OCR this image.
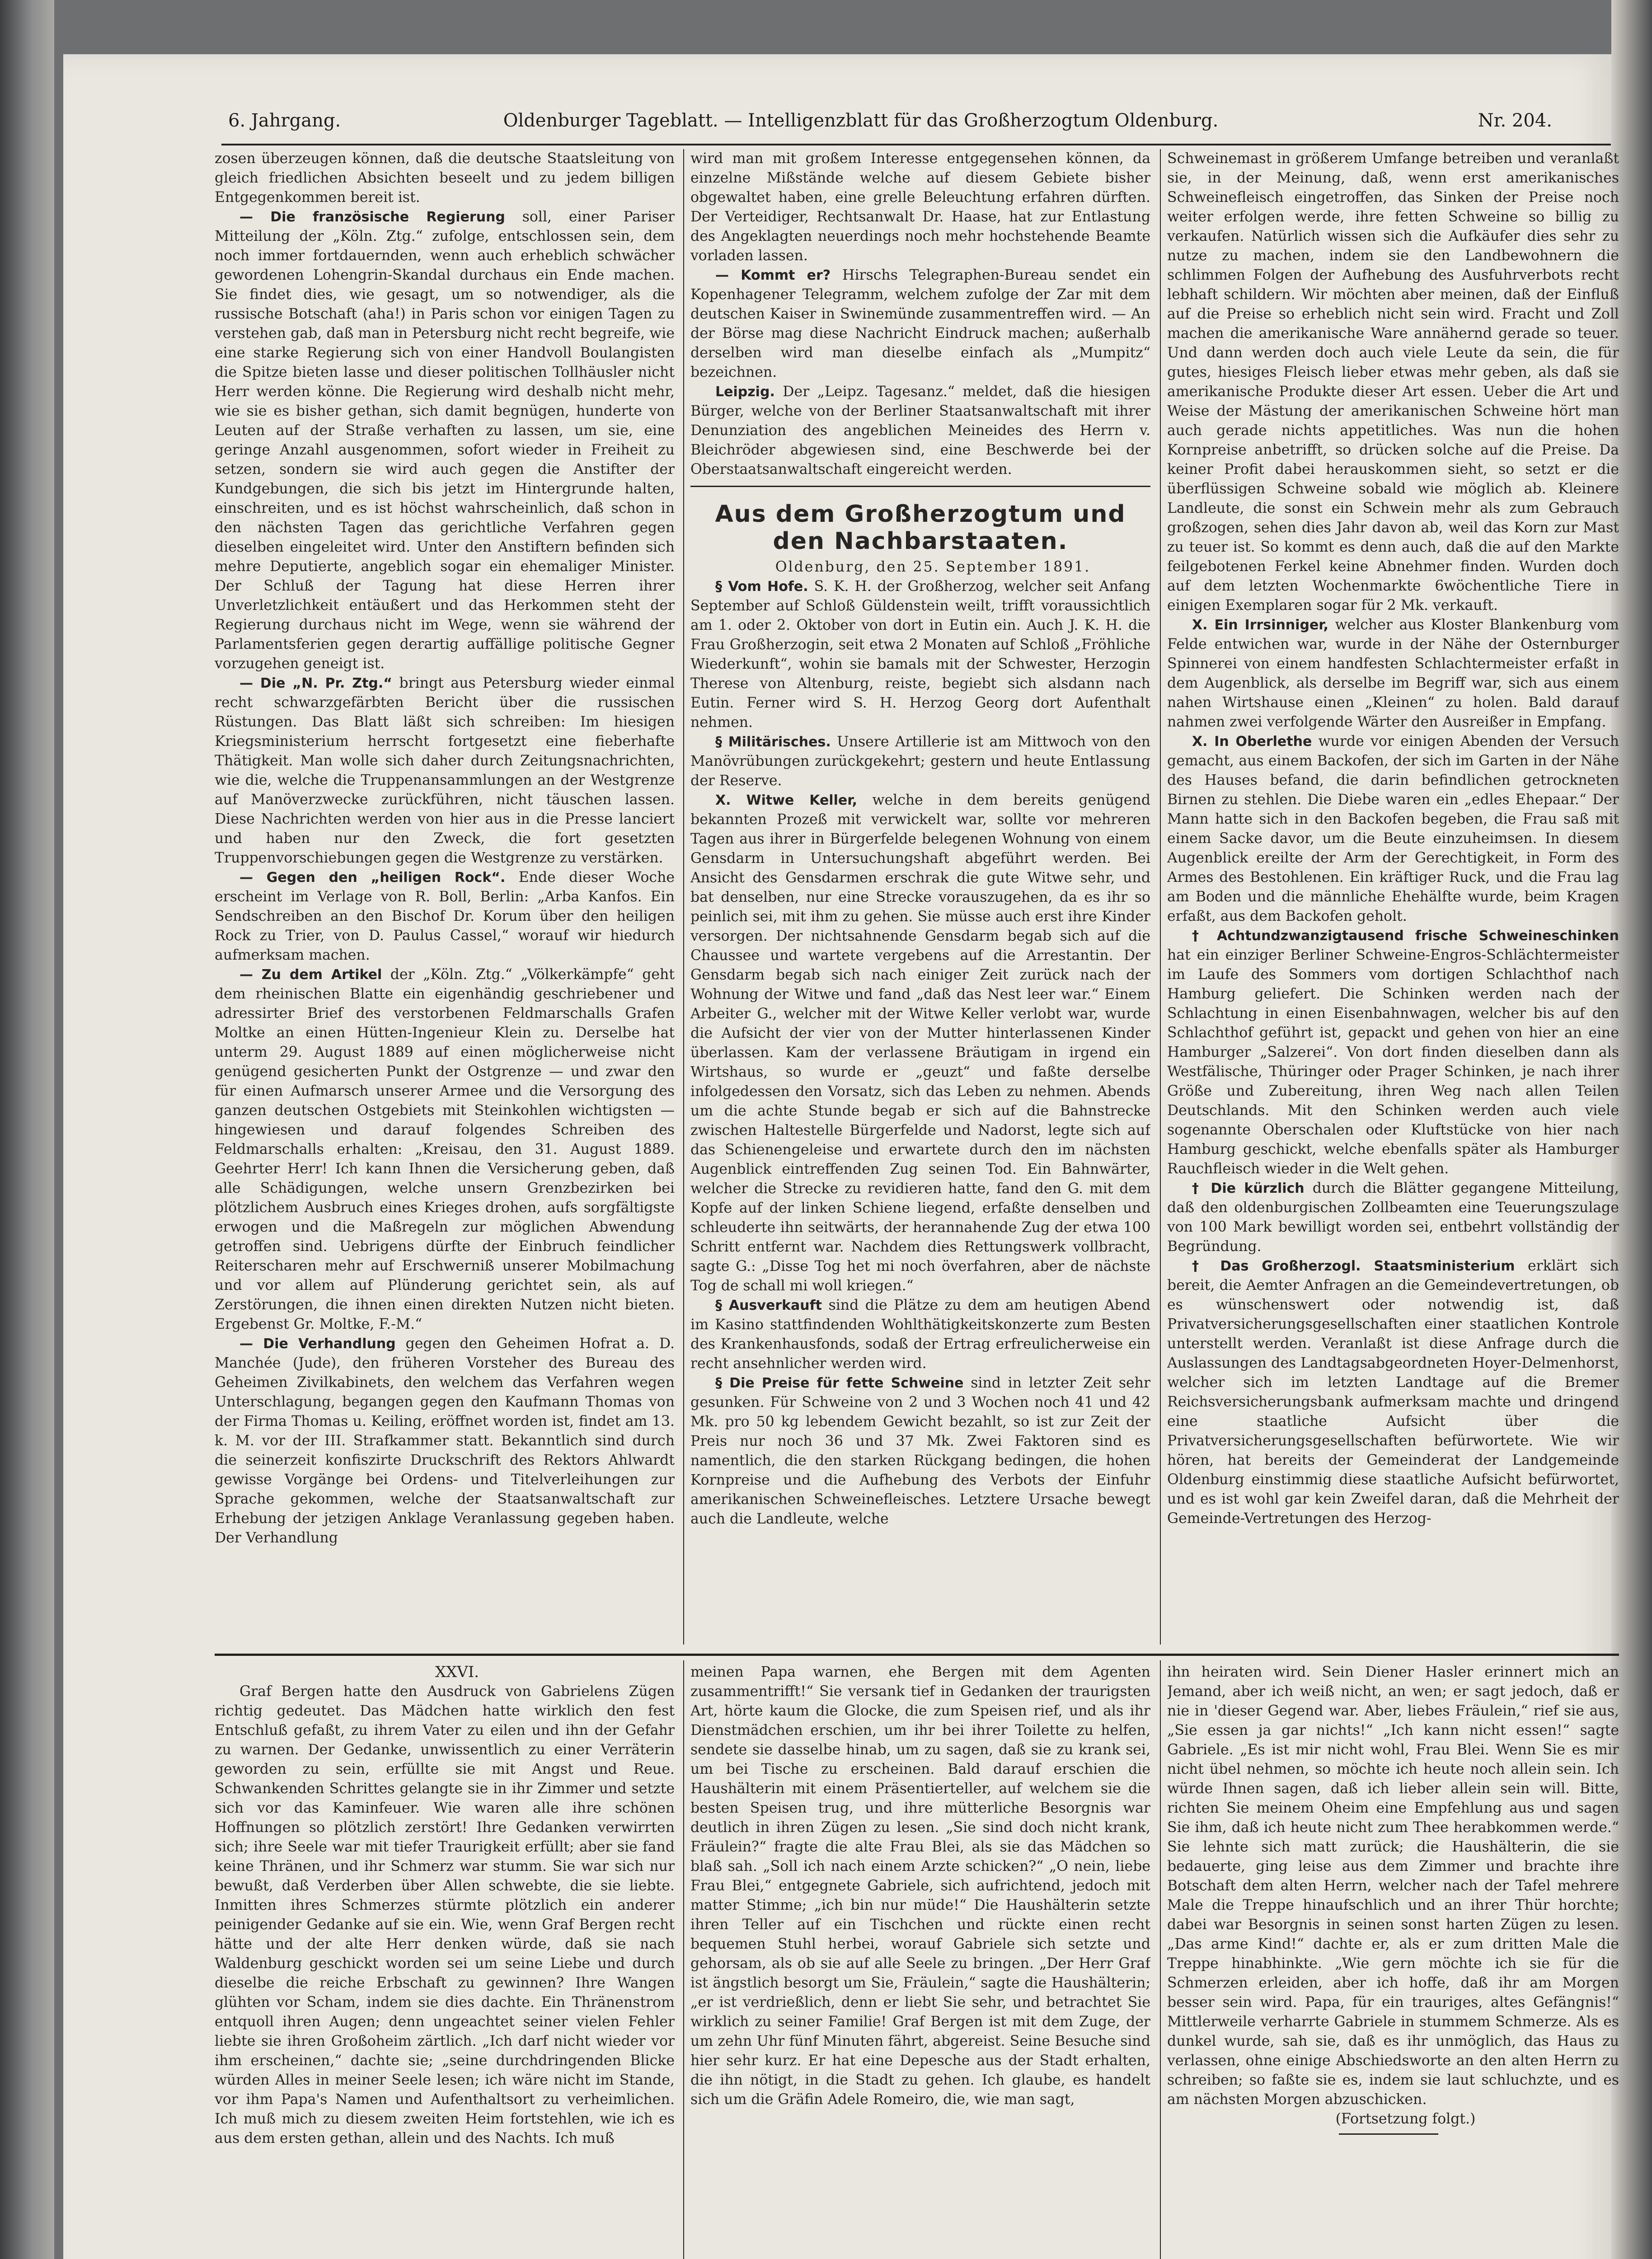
6. Jahrgang.	Oldenburger Tageblatt. — Intelligenzblatt für das Großherzogtum Oldenburg.	Nr. 204.

zosen überzeugen können, daß die deutsche Staatsleitung von gleich friedlichen Absichten beseelt und zu jedem billigen Entgegenkommen bereit ist.

— Die französische Regierung soll, einer Pariser Mitteilung der „Köln. Ztg.“ zufolge, entschlossen sein, dem noch immer fortdauernden, wenn auch erheblich schwächer gewordenen Lohengrin-Skandal durchaus ein Ende machen. Sie findet dies, wie gesagt, um so notwendiger, als die russische Botschaft (aha!) in Paris schon vor einigen Tagen zu verstehen gab, daß man in Petersburg nicht recht begreife, wie eine starke Regierung sich von einer Handvoll Boulangisten die Spitze bieten lasse und dieser politischen Tollhäusler nicht Herr werden könne. Die Regierung wird deshalb nicht mehr, wie sie es bisher gethan, sich damit begnügen, hunderte von Leuten auf der Straße verhaften zu lassen, um sie, eine geringe Anzahl ausgenommen, sofort wieder in Freiheit zu setzen, sondern sie wird auch gegen die Anstifter der Kundgebungen, die sich bis jetzt im Hintergrunde halten, einschreiten, und es ist höchst wahrscheinlich, daß schon in den nächsten Tagen das gerichtliche Verfahren gegen dieselben eingeleitet wird. Unter den Anstiftern befinden sich mehre Deputierte, angeblich sogar ein ehemaliger Minister. Der Schluß der Tagung hat diese Herren ihrer Unverletzlichkeit entäußert und das Herkommen steht der Regierung durchaus nicht im Wege, wenn sie während der Parlamentsferien gegen derartig auffällige politische Gegner vorzugehen geneigt ist.

— Die „N. Pr. Ztg.“ bringt aus Petersburg wieder einmal recht schwarzgefärbten Bericht über die russischen Rüstungen. Das Blatt läßt sich schreiben: Im hiesigen Kriegsministerium herrscht fortgesetzt eine fieberhafte Thätigkeit. Man wolle sich daher durch Zeitungsnachrichten, wie die, welche die Truppenansammlungen an der Westgrenze auf Manöverzwecke zurückführen, nicht täuschen lassen. Diese Nachrichten werden von hier aus in die Presse lanciert und haben nur den Zweck, die fort gesetzten Truppenvorschiebungen gegen die Westgrenze zu verstärken.

— Gegen den „heiligen Rock“. Ende dieser Woche erscheint im Verlage von R. Boll, Berlin: „Arba Kanfos. Ein Sendschreiben an den Bischof Dr. Korum über den heiligen Rock zu Trier, von D. Paulus Cassel,“ worauf wir hiedurch aufmerksam machen.

— Zu dem Artikel der „Köln. Ztg.“ „Völkerkämpfe“ geht dem rheinischen Blatte ein eigenhändig geschriebener und adressirter Brief des verstorbenen Feldmarschalls Grafen Moltke an einen Hütten-Ingenieur Klein zu. Derselbe hat unterm 29. August 1889 auf einen möglicherweise nicht genügend gesicherten Punkt der Ostgrenze — und zwar den für einen Aufmarsch unserer Armee und die Versorgung des ganzen deutschen Ostgebiets mit Steinkohlen wichtigsten — hingewiesen und darauf folgendes Schreiben des Feldmarschalls erhalten: „Kreisau, den 31. August 1889. Geehrter Herr! Ich kann Ihnen die Versicherung geben, daß alle Schädigungen, welche unsern Grenzbezirken bei plötzlichem Ausbruch eines Krieges drohen, aufs sorgfältigste erwogen und die Maßregeln zur möglichen Abwendung getroffen sind. Uebrigens dürfte der Einbruch feindlicher Reiterscharen mehr auf Erschwerniß unserer Mobilmachung und vor allem auf Plünderung gerichtet sein, als auf Zerstörungen, die ihnen einen direkten Nutzen nicht bieten. Ergebenst Gr. Moltke, F.-M.“

— Die Verhandlung gegen den Geheimen Hofrat a. D. Manchée (Jude), den früheren Vorsteher des Bureau des Geheimen Zivilkabinets, den welchem das Verfahren wegen Unterschlagung, begangen gegen den Kaufmann Thomas von der Firma Thomas u. Keiling, eröffnet worden ist, findet am 13. k. M. vor der III. Strafkammer statt. Bekanntlich sind durch die seinerzeit konfiszirte Druckschrift des Rektors Ahlwardt gewisse Vorgänge bei Ordens- und Titelverleihungen zur Sprache gekommen, welche der Staatsanwaltschaft zur Erhebung der jetzigen Anklage Veranlassung gegeben haben. Der Verhandlung

wird man mit großem Interesse entgegensehen können, da einzelne Mißstände welche auf diesem Gebiete bisher obgewaltet haben, eine grelle Beleuchtung erfahren dürften. Der Verteidiger, Rechtsanwalt Dr. Haase, hat zur Entlastung des Angeklagten neuerdings noch mehr hochstehende Beamte vorladen lassen.

— Kommt er? Hirschs Telegraphen-Bureau sendet ein Kopenhagener Telegramm, welchem zufolge der Zar mit dem deutschen Kaiser in Swinemünde zusammentreffen wird. — An der Börse mag diese Nachricht Eindruck machen; außerhalb derselben wird man dieselbe einfach als „Mumpitz“ bezeichnen.

Leipzig. Der „Leipz. Tagesanz.“ meldet, daß die hiesigen Bürger, welche von der Berliner Staatsanwaltschaft mit ihrer Denunziation des angeblichen Meineides des Herrn v. Bleichröder abgewiesen sind, eine Beschwerde bei der Oberstaatsanwaltschaft eingereicht werden.

Aus dem Großherzogtum und den Nachbarstaaten.

Oldenburg, den 25. September 1891.

§ Vom Hofe. S. K. H. der Großherzog, welcher seit Anfang September auf Schloß Güldenstein weilt, trifft voraussichtlich am 1. oder 2. Oktober von dort in Eutin ein. Auch J. K. H. die Frau Großherzogin, seit etwa 2 Monaten auf Schloß „Fröhliche Wiederkunft“, wohin sie bamals mit der Schwester, Herzogin Therese von Altenburg, reiste, begiebt sich alsdann nach Eutin. Ferner wird S. H. Herzog Georg dort Aufenthalt nehmen.

§ Militärisches. Unsere Artillerie ist am Mittwoch von den Manövrübungen zurückgekehrt; gestern und heute Entlassung der Reserve.

X. Witwe Keller, welche in dem bereits genügend bekannten Prozeß mit verwickelt war, sollte vor mehreren Tagen aus ihrer in Bürgerfelde belegenen Wohnung von einem Gensdarm in Untersuchungshaft abgeführt werden. Bei Ansicht des Gensdarmen erschrak die gute Witwe sehr, und bat denselben, nur eine Strecke vorauszugehen, da es ihr so peinlich sei, mit ihm zu gehen. Sie müsse auch erst ihre Kinder versorgen. Der nichtsahnende Gensdarm begab sich auf die Chaussee und wartete vergebens auf die Arrestantin. Der Gensdarm begab sich nach einiger Zeit zurück nach der Wohnung der Witwe und fand „daß das Nest leer war.“ Einem Arbeiter G., welcher mit der Witwe Keller verlobt war, wurde die Aufsicht der vier von der Mutter hinterlassenen Kinder überlassen. Kam der verlassene Bräutigam in irgend ein Wirtshaus, so wurde er „geuzt“ und faßte derselbe infolgedessen den Vorsatz, sich das Leben zu nehmen. Abends um die achte Stunde begab er sich auf die Bahnstrecke zwischen Haltestelle Bürgerfelde und Nadorst, legte sich auf das Schienengeleise und erwartete durch den im nächsten Augenblick eintreffenden Zug seinen Tod. Ein Bahnwärter, welcher die Strecke zu revidieren hatte, fand den G. mit dem Kopfe auf der linken Schiene liegend, erfaßte denselben und schleuderte ihn seitwärts, der herannahende Zug der etwa 100 Schritt entfernt war. Nachdem dies Rettungswerk vollbracht, sagte G.: „Disse Tog het mi noch överfahren, aber de nächste Tog de schall mi woll kriegen.“

§ Ausverkauft sind die Plätze zu dem am heutigen Abend im Kasino stattfindenden Wohlthätigkeitskonzerte zum Besten des Krankenhausfonds, sodaß der Ertrag erfreulicherweise ein recht ansehnlicher werden wird.

§ Die Preise für fette Schweine sind in letzter Zeit sehr gesunken. Für Schweine von 2 und 3 Wochen noch 41 und 42 Mk. pro 50 kg lebendem Gewicht bezahlt, so ist zur Zeit der Preis nur noch 36 und 37 Mk. Zwei Faktoren sind es namentlich, die den starken Rückgang bedingen, die hohen Kornpreise und die Aufhebung des Verbots der Einfuhr amerikanischen Schweinefleisches. Letztere Ursache bewegt auch die Landleute, welche

Schweinemast in größerem Umfange betreiben und veranlaßt sie, in der Meinung, daß, wenn erst amerikanisches Schweinefleisch eingetroffen, das Sinken der Preise noch weiter erfolgen werde, ihre fetten Schweine so billig zu verkaufen. Natürlich wissen sich die Aufkäufer dies sehr zu nutze zu machen, indem sie den Landbewohnern die schlimmen Folgen der Aufhebung des Ausfuhrverbots recht lebhaft schildern. Wir möchten aber meinen, daß der Einfluß auf die Preise so erheblich nicht sein wird. Fracht und Zoll machen die amerikanische Ware annähernd gerade so teuer. Und dann werden doch auch viele Leute da sein, die für gutes, hiesiges Fleisch lieber etwas mehr geben, als daß sie amerikanische Produkte dieser Art essen. Ueber die Art und Weise der Mästung der amerikanischen Schweine hört man auch gerade nichts appetitliches. Was nun die hohen Kornpreise anbetrifft, so drücken solche auf die Preise. Da keiner Profit dabei herauskommen sieht, so setzt er die überflüssigen Schweine sobald wie möglich ab. Kleinere Landleute, die sonst ein Schwein mehr als zum Gebrauch großzogen, sehen dies Jahr davon ab, weil das Korn zur Mast zu teuer ist. So kommt es denn auch, daß die auf den Markte feilgebotenen Ferkel keine Abnehmer finden. Wurden doch auf dem letzten Wochenmarkte 6wöchentliche Tiere in einigen Exemplaren sogar für 2 Mk. verkauft.

X. Ein Irrsinniger, welcher aus Kloster Blankenburg vom Felde entwichen war, wurde in der Nähe der Osternburger Spinnerei von einem handfesten Schlachtermeister erfaßt in dem Augenblick, als derselbe im Begriff war, sich aus einem nahen Wirtshause einen „Kleinen“ zu holen. Bald darauf nahmen zwei verfolgende Wärter den Ausreißer in Empfang.

X. In Oberlethe wurde vor einigen Abenden der Versuch gemacht, aus einem Backofen, der sich im Garten in der Nähe des Hauses befand, die darin befindlichen getrockneten Birnen zu stehlen. Die Diebe waren ein „edles Ehepaar.“ Der Mann hatte sich in den Backofen begeben, die Frau saß mit einem Sacke davor, um die Beute einzuheimsen. In diesem Augenblick ereilte der Arm der Gerechtigkeit, in Form des Armes des Bestohlenen. Ein kräftiger Ruck, und die Frau lag am Boden und die männliche Ehehälfte wurde, beim Kragen erfaßt, aus dem Backofen geholt.

† Achtundzwanzigtausend frische Schweineschinken hat ein einziger Berliner Schweine-Engros-Schlächtermeister im Laufe des Sommers vom dortigen Schlachthof nach Hamburg geliefert. Die Schinken werden nach der Schlachtung in einen Eisenbahnwagen, welcher bis auf den Schlachthof geführt ist, gepackt und gehen von hier an eine Hamburger „Salzerei“. Von dort finden dieselben dann als Westfälische, Thüringer oder Prager Schinken, je nach ihrer Größe und Zubereitung, ihren Weg nach allen Teilen Deutschlands. Mit den Schinken werden auch viele sogenannte Oberschalen oder Kluftstücke von hier nach Hamburg geschickt, welche ebenfalls später als Hamburger Rauchfleisch wieder in die Welt gehen.

† Die kürzlich durch die Blätter gegangene Mitteilung, daß den oldenburgischen Zollbeamten eine Teuerungszulage von 100 Mark bewilligt worden sei, entbehrt vollständig der Begründung.

† Das Großherzogl. Staatsministerium erklärt sich bereit, die Aemter Anfragen an die Gemeindevertretungen, ob es wünschenswert oder notwendig ist, daß Privatversicherungsgesellschaften einer staatlichen Kontrole unterstellt werden. Veranlaßt ist diese Anfrage durch die Auslassungen des Landtagsabgeordneten Hoyer-Delmenhorst, welcher sich im letzten Landtage auf die Bremer Reichsversicherungsbank aufmerksam machte und dringend eine staatliche Aufsicht über die Privatversicherungsgesellschaften befürwortete. Wie wir hören, hat bereits der Gemeinderat der Landgemeinde Oldenburg einstimmig diese staatliche Aufsicht befürwortet, und es ist wohl gar kein Zweifel daran, daß die Mehrheit der Gemeinde-Vertretungen des Herzog-

XXVI.

Graf Bergen hatte den Ausdruck von Gabrielens Zügen richtig gedeutet. Das Mädchen hatte wirklich den fest Entschluß gefaßt, zu ihrem Vater zu eilen und ihn der Gefahr zu warnen. Der Gedanke, unwissentlich zu einer Verräterin geworden zu sein, erfüllte sie mit Angst und Reue. Schwankenden Schrittes gelangte sie in ihr Zimmer und setzte sich vor das Kaminfeuer. Wie waren alle ihre schönen Hoffnungen so plötzlich zerstört! Ihre Gedanken verwirrten sich; ihre Seele war mit tiefer Traurigkeit erfüllt; aber sie fand keine Thränen, und ihr Schmerz war stumm. Sie war sich nur bewußt, daß Verderben über Allen schwebte, die sie liebte. Inmitten ihres Schmerzes stürmte plötzlich ein anderer peinigender Gedanke auf sie ein. Wie, wenn Graf Bergen recht hätte und der alte Herr denken würde, daß sie nach Waldenburg geschickt worden sei um seine Liebe und durch dieselbe die reiche Erbschaft zu gewinnen? Ihre Wangen glühten vor Scham, indem sie dies dachte. Ein Thränenstrom entquoll ihren Augen; denn ungeachtet seiner vielen Fehler liebte sie ihren Großoheim zärtlich. „Ich darf nicht wieder vor ihm erscheinen,“ dachte sie; „seine durchdringenden Blicke würden Alles in meiner Seele lesen; ich wäre nicht im Stande, vor ihm Papa's Namen und Aufenthaltsort zu verheimlichen. Ich muß mich zu diesem zweiten Heim fortstehlen, wie ich es aus dem ersten gethan, allein und des Nachts. Ich muß

meinen Papa warnen, ehe Bergen mit dem Agenten zusammentrifft!“ Sie versank tief in Gedanken der traurigsten Art, hörte kaum die Glocke, die zum Speisen rief, und als ihr Dienstmädchen erschien, um ihr bei ihrer Toilette zu helfen, sendete sie dasselbe hinab, um zu sagen, daß sie zu krank sei, um bei Tische zu erscheinen. Bald darauf erschien die Haushälterin mit einem Präsentierteller, auf welchem sie die besten Speisen trug, und ihre mütterliche Besorgnis war deutlich in ihren Zügen zu lesen. „Sie sind doch nicht krank, Fräulein?“ fragte die alte Frau Blei, als sie das Mädchen so blaß sah. „Soll ich nach einem Arzte schicken?“ „O nein, liebe Frau Blei,“ entgegnete Gabriele, sich aufrichtend, jedoch mit matter Stimme; „ich bin nur müde!“ Die Haushälterin setzte ihren Teller auf ein Tischchen und rückte einen recht bequemen Stuhl herbei, worauf Gabriele sich setzte und gehorsam, als ob sie auf alle Seele zu bringen. „Der Herr Graf ist ängstlich besorgt um Sie, Fräulein,“ sagte die Haushälterin; „er ist verdrießlich, denn er liebt Sie sehr, und betrachtet Sie wirklich zu seiner Familie! Graf Bergen ist mit dem Zuge, der um zehn Uhr fünf Minuten fährt, abgereist. Seine Besuche sind hier sehr kurz. Er hat eine Depesche aus der Stadt erhalten, die ihn nötigt, in die Stadt zu gehen. Ich glaube, es handelt sich um die Gräfin Adele Romeiro, die, wie man sagt,

ihn heiraten wird. Sein Diener Hasler erinnert mich an Jemand, aber ich weiß nicht, an wen; er sagt jedoch, daß er nie in 'dieser Gegend war. Aber, liebes Fräulein,“ rief sie aus, „Sie essen ja gar nichts!“ „Ich kann nicht essen!“ sagte Gabriele. „Es ist mir nicht wohl, Frau Blei. Wenn Sie es mir nicht übel nehmen, so möchte ich heute noch allein sein. Ich würde Ihnen sagen, daß ich lieber allein sein will. Bitte, richten Sie meinem Oheim eine Empfehlung aus und sagen Sie ihm, daß ich heute nicht zum Thee herabkommen werde.“ Sie lehnte sich matt zurück; die Haushälterin, die sie bedauerte, ging leise aus dem Zimmer und brachte ihre Botschaft dem alten Herrn, welcher nach der Tafel mehrere Male die Treppe hinaufschlich und an ihrer Thür horchte; dabei war Besorgnis in seinen sonst harten Zügen zu lesen. „Das arme Kind!“ dachte er, als er zum dritten Male die Treppe hinabhinkte. „Wie gern möchte ich sie für die Schmerzen erleiden, aber ich hoffe, daß ihr am Morgen besser sein wird. Papa, für ein trauriges, altes Gefängnis!“ Mittlerweile verharrte Gabriele in stummem Schmerze. Als es dunkel wurde, sah sie, daß es ihr unmöglich, das Haus zu verlassen, ohne einige Abschiedsworte an den alten Herrn zu schreiben; so faßte sie es, indem sie laut schluchzte, und es am nächsten Morgen abzuschicken.

(Fortsetzung folgt.)
